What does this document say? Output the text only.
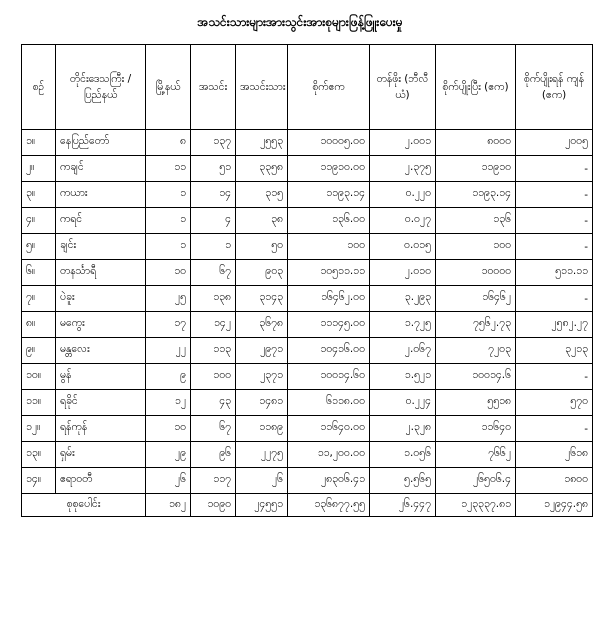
အသင်းသားများအားသွင်းအားစုများဖြန့်ဖြူးပေးမှု
စဉ်	တိုင်းဒေသကြီး / ပြည်နယ်	မြို့နယ်	အသင်း	အသင်းသား	စိုက်ဧက	တန်ဖိုး (ဘီလီယံ)	စိုက်ပျိုးပြီး (ဧက)	စိုက်ပျိုးရန် ကျန် (ဧက)
၁။	နေပြည်တော်	၈	၁၃၇	၂၅၅၃	၁၀၀၀၅.၀၀	၂.၀၀၁	၈၀၀၀	၂၀၀၅
၂။	ကချင်	၁၁	၅၁	၃၃၅၈	၁၁၉၁၀.၀၀	၂.၃၇၅	၁၁၉၁၀	-
၃။	ကယား	၁	၁၄	၃၁၅	၁၁၉၃.၁၄	၀.၂၂၀	၁၁၉၃.၁၄	-
၄။	ကရင်	၁	၄	၃၈	၁၃၆.၀၀	၀.၀၂၇	၁၃၆	-
၅။	ချင်း	၁	၁	၅၀	၁၀၀	၀.၀၁၅	၁၀၀	-
၆။	တနင်္သာရီ	၁၀	၆၇	၉၀၃	၁၀၅၁၁.၁၁	၂.၀၁၀	၁၀၀၀၀	၅၁၁.၁၁
၇။	ပဲခူး	၂၅	၁၃၈	၃၁၄၃	၁၆၄၆၂.၀၀	၃.၂၉၃	၁၆၄၆၂	-
၈။	မကွေး	၁၇	၁၄၂	၃၆၇၈	၁၁၁၄၅.၀၀	၁.၇၂၅	၇၅၆၂.၇၃	၂၅၈၂.၂၇
၉။	မန္တလေး	၂၂	၁၁၃	၂၉၇၁	၁၀၄၁၆.၀၀	၂.၀၆၇	၇၂၀၃	၃၂၁၃
၁၀။	မွန်	၉	၁၀၀	၂၃၇၁	၁၀၀၁၄.၆၀	၁.၅၂၁	၁၀၀၁၄.၆	-
၁၁။	ရခိုင်	၁၂	၄၃	၁၄၈၁	၆၁၁၈.၀၀	၀.၂၂၄	၅၅၁၈	၅၇၀
၁၂။	ရန်ကုန်	၁၀	၆၇	၁၁၈၉	၁၁၆၄၀.၀၀	၂.၃၂၈	၁၁၆၄၀	-
၁၃။	ရှမ်း	၂၉	၉၆	၂၂၇၅	၁၁,၂၀၀.၀၀	၁.၀၅၆	၇၆၆၂	၂၆၁၈
၁၄။	ဧရာဝတီ	၂၆	၁၁၇	၂၆	၂၈၃၀၆.၄၁	၅.၅၆၅	၂၆၅၀၆.၄	၁၈၀၀
စုစုပေါင်း		၁၈၂	၁၀၉၀	၂၄၅၅၁	၁၃၆၈၇၇.၅၅	၂၆.၄၄၇	၁၂၃၃၃၇.၈၁	၁၂၉၄၄.၅၈
